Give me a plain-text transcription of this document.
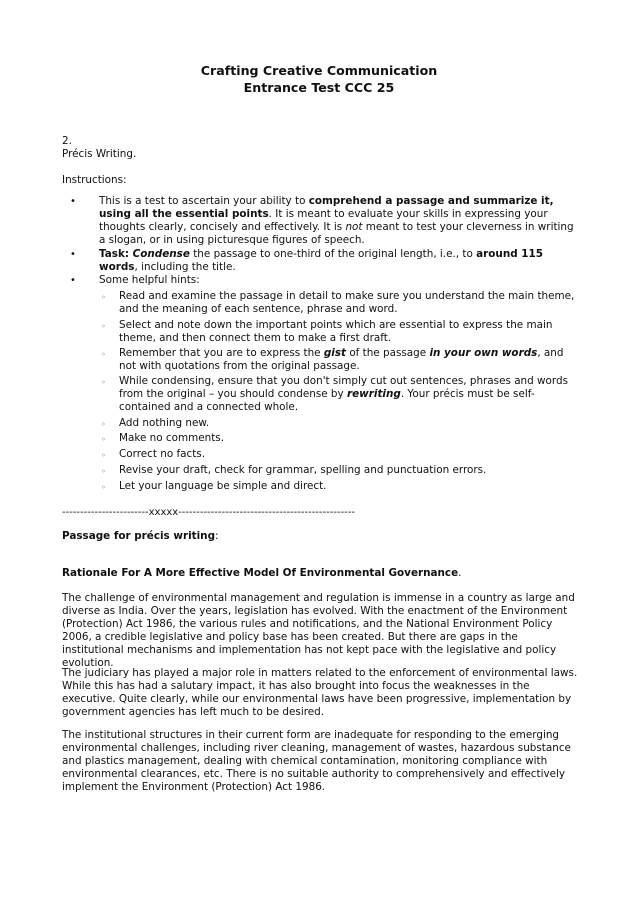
Crafting Creative Communication
Entrance Test CCC 25
2.
Précis Writing.
Instructions:
•	This is a test to ascertain your ability to comprehend a passage and summarize it, using all the essential points. It is meant to evaluate your skills in expressing your thoughts clearly, concisely and effectively. It is not meant to test your cleverness in writing a slogan, or in using picturesque figures of speech.
•	Task: Condense the passage to one-third of the original length, i.e., to around 115 words, including the title.
•	Some helpful hints:
◦	Read and examine the passage in detail to make sure you understand the main theme, and the meaning of each sentence, phrase and word.
◦	Select and note down the important points which are essential to express the main theme, and then connect them to make a first draft.
◦	Remember that you are to express the gist of the passage in your own words, and not with quotations from the original passage.
◦	While condensing, ensure that you don't simply cut out sentences, phrases and words from the original – you should condense by rewriting. Your précis must be self-contained and a connected whole.
◦	Add nothing new.
◦	Make no comments.
◦	Correct no facts.
◦	Revise your draft, check for grammar, spelling and punctuation errors.
◦	Let your language be simple and direct.
------------------------xxxxx-------------------------------------------------
Passage for précis writing:
Rationale For A More Effective Model Of Environmental Governance.
The challenge of environmental management and regulation is immense in a country as large and diverse as India. Over the years, legislation has evolved. With the enactment of the Environment (Protection) Act 1986, the various rules and notifications, and the National Environment Policy 2006, a credible legislative and policy base has been created. But there are gaps in the institutional mechanisms and implementation has not kept pace with the legislative and policy evolution.
The judiciary has played a major role in matters related to the enforcement of environmental laws. While this has had a salutary impact, it has also brought into focus the weaknesses in the executive. Quite clearly, while our environmental laws have been progressive, implementation by government agencies has left much to be desired.
The institutional structures in their current form are inadequate for responding to the emerging environmental challenges, including river cleaning, management of wastes, hazardous substance and plastics management, dealing with chemical contamination, monitoring compliance with environmental clearances, etc. There is no suitable authority to comprehensively and effectively implement the Environment (Protection) Act 1986.
